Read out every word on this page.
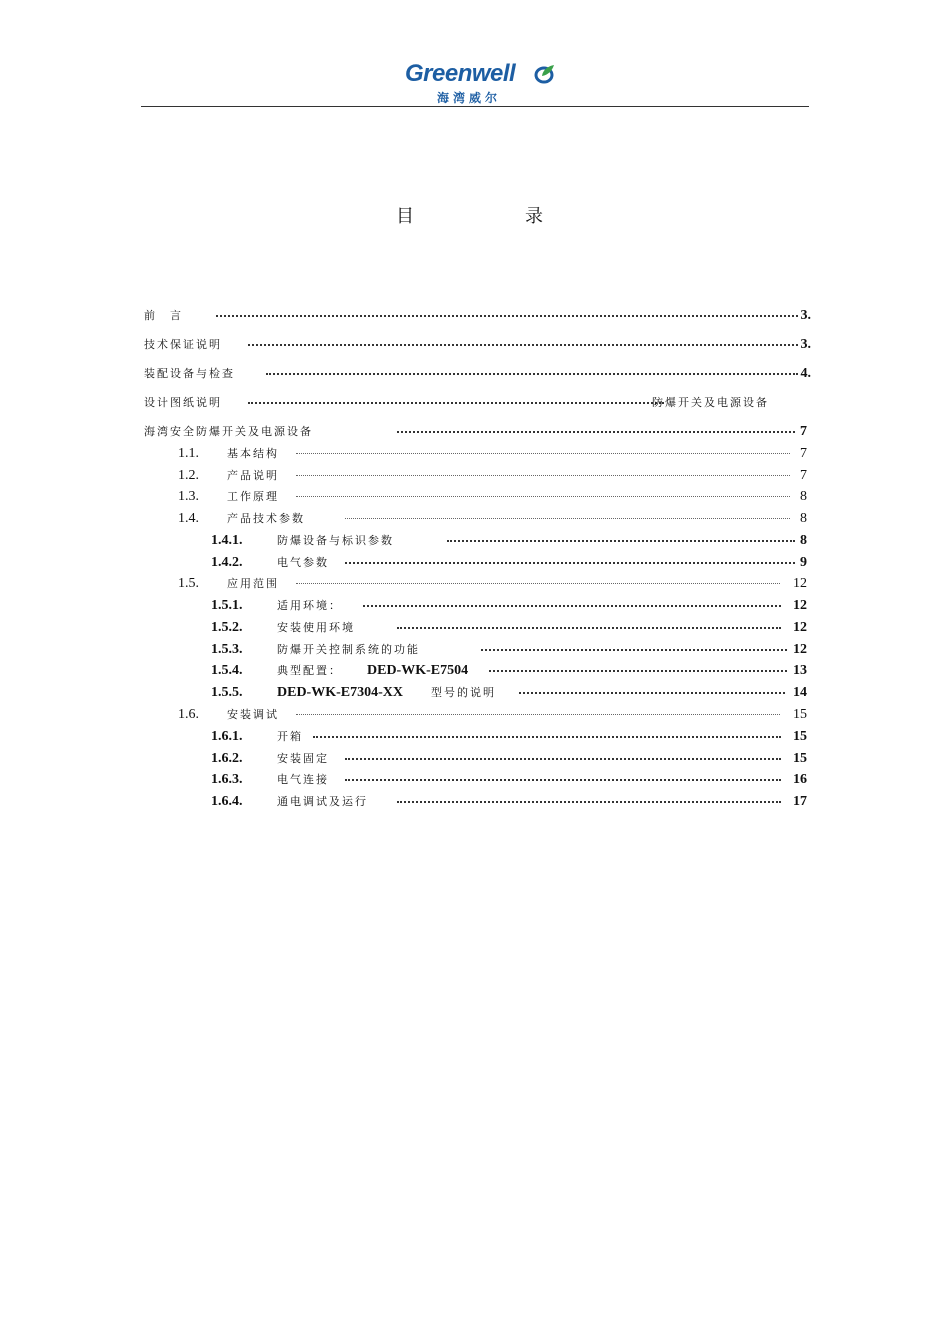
Greenwell
海湾威尔
目	录
前　言	3.
技术保证说明	3.
装配设备与检查	4.
设计图纸说明	防爆开关及电源设备
海湾安全防爆开关及电源设备	7
1.1.	基本结构	7
1.2.	产品说明	7
1.3.	工作原理	8
1.4.	产品技术参数	8
1.4.1.	防爆设备与标识参数	8
1.4.2.	电气参数	9
1.5.	应用范围	12
1.5.1.	适用环境：	12
1.5.2.	安装使用环境	12
1.5.3.	防爆开关控制系统的功能	12
1.5.4.	典型配置： DED-WK-E7504	13
1.5.5. DED-WK-E7304-XX	型号的说明	14
1.6.	安装调试	15
1.6.1.	开箱	15
1.6.2.	安装固定	15
1.6.3.	电气连接	16
1.6.4.	通电调试及运行	17
